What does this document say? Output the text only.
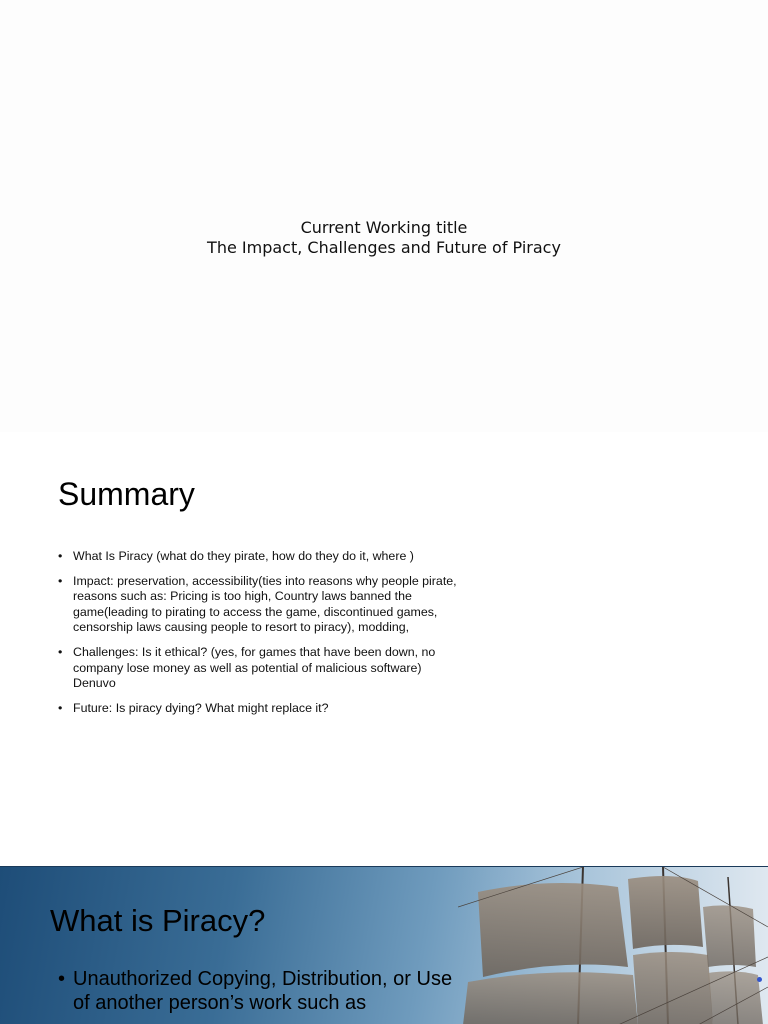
Current Working title
The Impact, Challenges and Future of Piracy
Summary
• What Is Piracy (what do they pirate, how do they do it, where )
• Impact: preservation, accessibility(ties into reasons why people pirate, reasons such as: Pricing is too high, Country laws banned the game(leading to pirating to access the game, discontinued games, censorship laws causing people to resort to piracy), modding,
• Challenges: Is it ethical? (yes, for games that have been down, no company lose money as well as potential of malicious software) Denuvo
• Future: Is piracy dying? What might replace it?
What is Piracy?
• Unauthorized Copying, Distribution, or Use of another person’s work such as
